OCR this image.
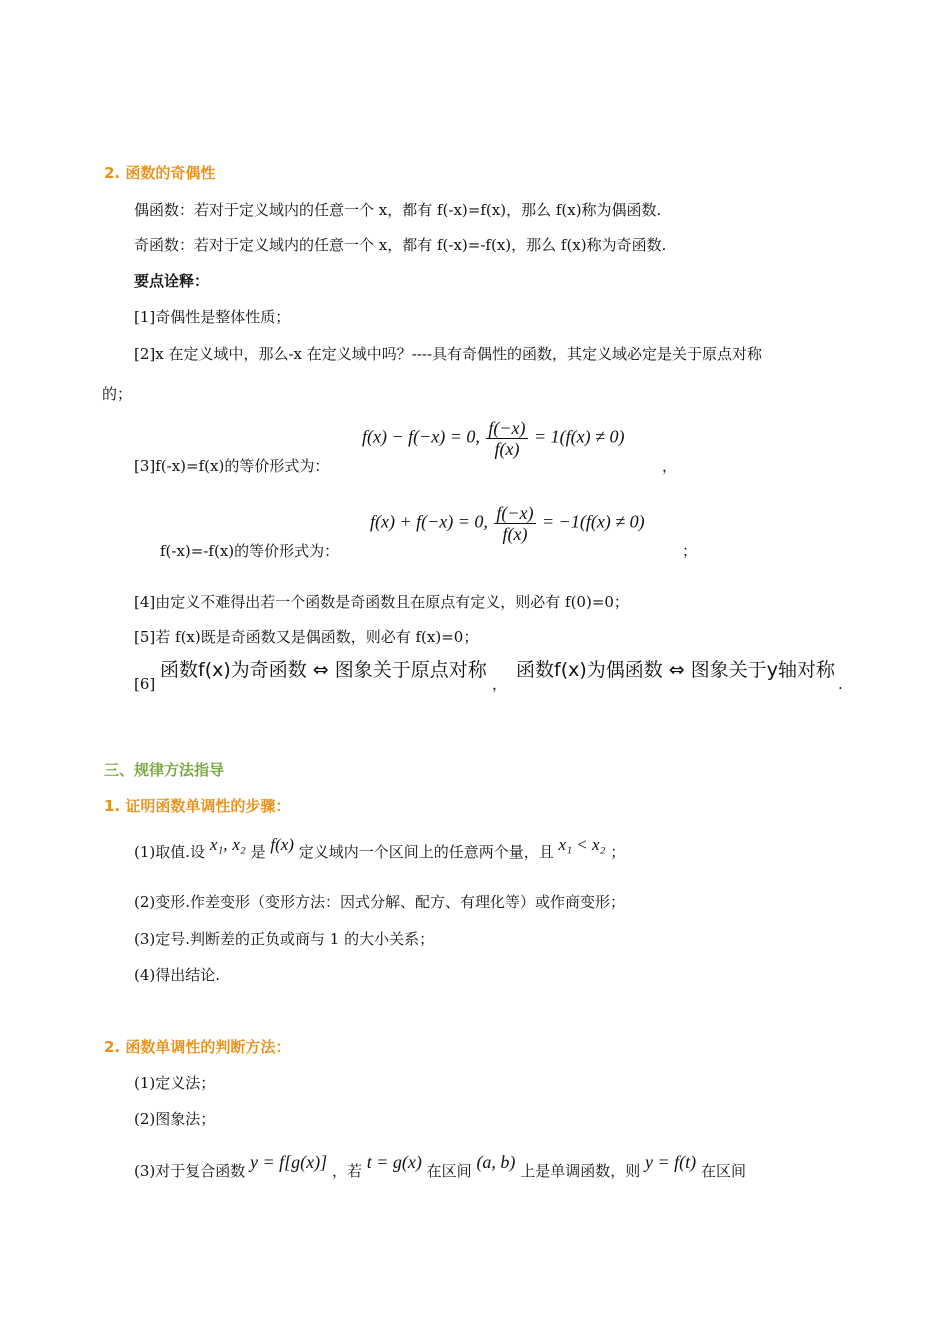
2. 函数的奇偶性
偶函数：若对于定义域内的任意一个 x，都有 f(-x)=f(x)，那么 f(x)称为偶函数.
奇函数：若对于定义域内的任意一个 x，都有 f(-x)=-f(x)，那么 f(x)称为奇函数.
要点诠释：
[1]奇偶性是整体性质；
[2]x 在定义域中，那么-x 在定义域中吗？----具有奇偶性的函数，其定义域必定是关于原点对称
的；
[3]f(-x)=f(x)的等价形式为：
f(x) − f(−x) = 0, $\frac{f(-x)}{f(x)} = 1(f(x) \ne 0)$
，
f(-x)=-f(x)的等价形式为：
f(x) + f(−x) = 0, $\frac{f(-x)}{f(x)} = -1(f(x) \ne 0)$
；
[4]由定义不难得出若一个函数是奇函数且在原点有定义，则必有 f(0)=0；
[5]若 f(x)既是奇函数又是偶函数，则必有 f(x)=0；
[6]
函数f(x)为奇函数 ⇔ 图象关于原点对称
，
函数f(x)为偶函数 ⇔ 图象关于y轴对称
.
三、规律方法指导
1. 证明函数单调性的步骤：
(1)取值.设 x₁, x₂ 是 f(x) 定义域内一个区间上的任意两个量，且 x₁ < x₂ ；
(2)变形.作差变形（变形方法：因式分解、配方、有理化等）或作商变形；
(3)定号.判断差的正负或商与 1 的大小关系；
(4)得出结论.
2. 函数单调性的判断方法：
(1)定义法；
(2)图象法；
(3)对于复合函数 y = f[g(x)] ，若 t = g(x) 在区间 (a, b) 上是单调函数，则 y = f(t) 在区间
